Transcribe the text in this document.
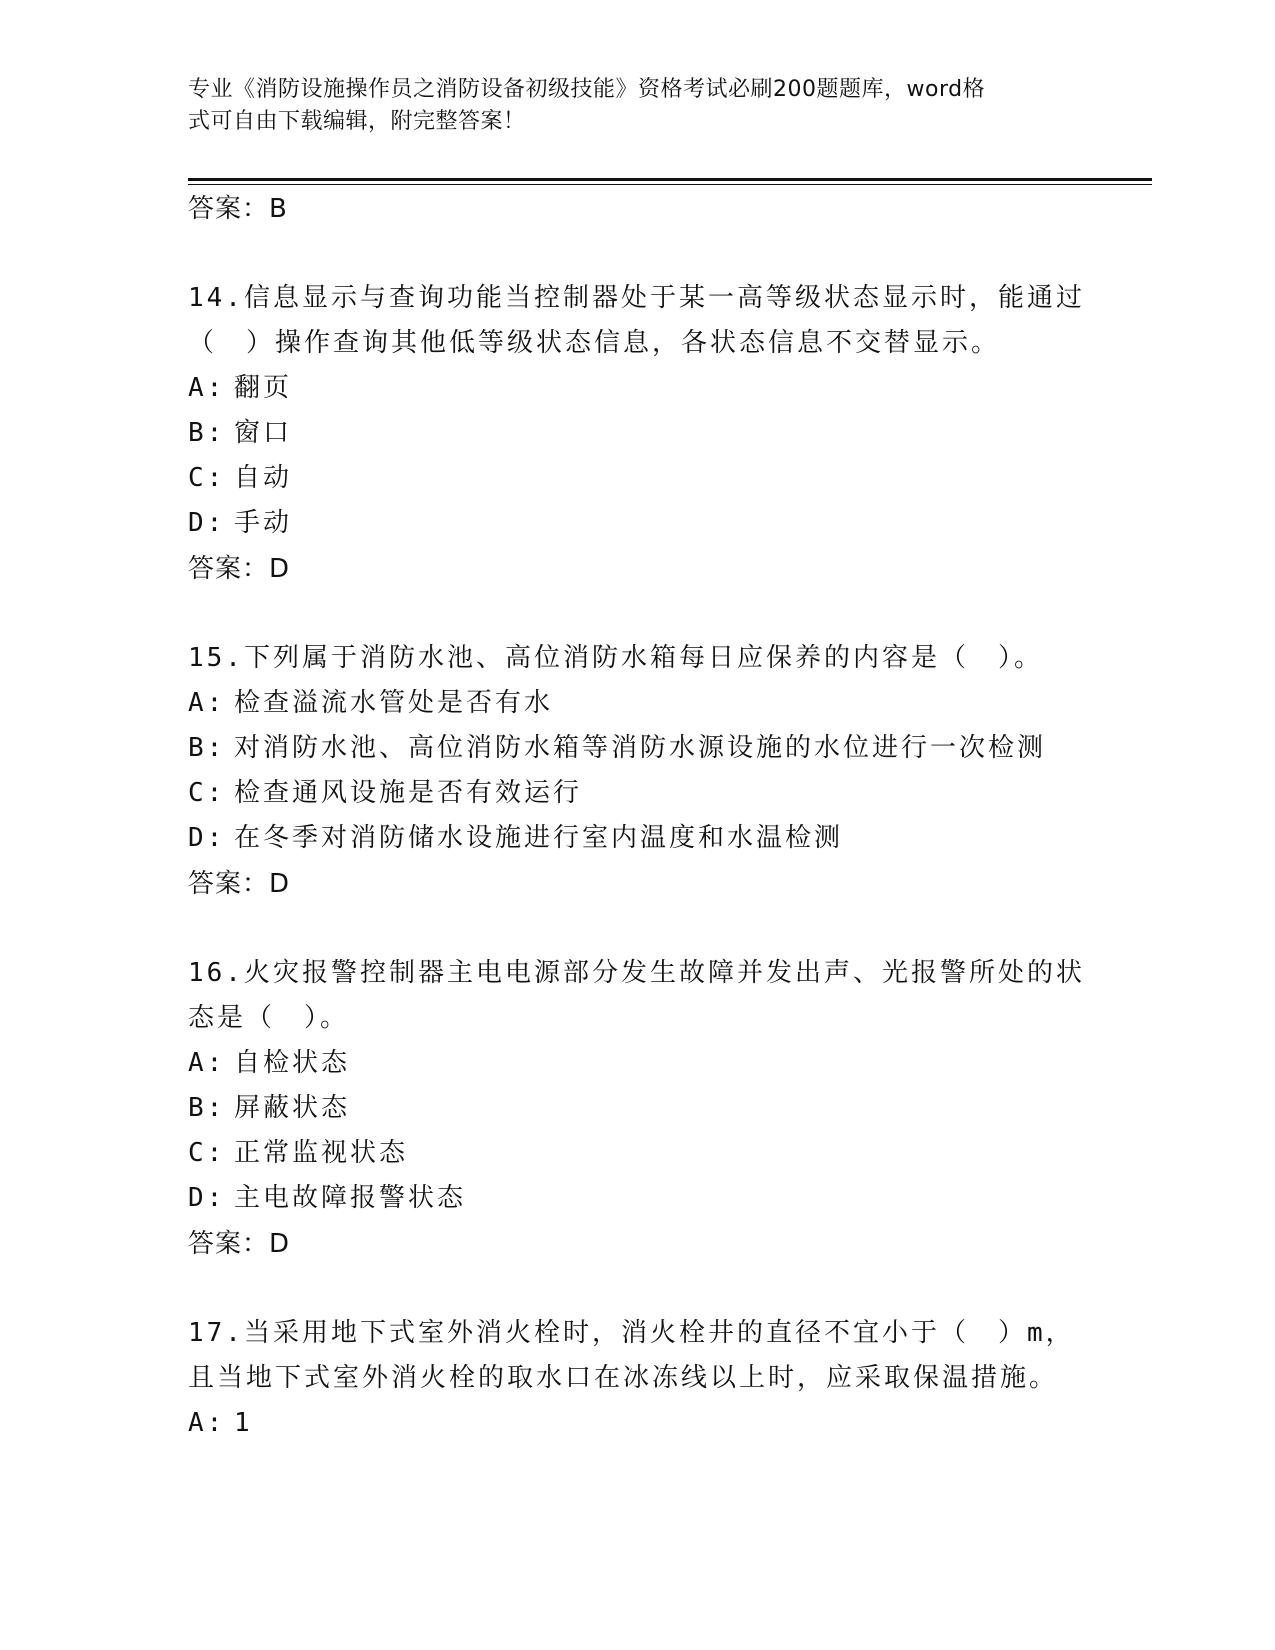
专业《消防设施操作员之消防设备初级技能》资格考试必刷200题题库，word格
式可自由下载编辑，附完整答案！
答案：B
14.信息显示与查询功能当控制器处于某一高等级状态显示时，能通过
（　）操作查询其他低等级状态信息，各状态信息不交替显示。
A: 翻页
B: 窗口
C: 自动
D: 手动
答案：D
15.下列属于消防水池、高位消防水箱每日应保养的内容是（　）。
A: 检查溢流水管处是否有水
B: 对消防水池、高位消防水箱等消防水源设施的水位进行一次检测
C: 检查通风设施是否有效运行
D: 在冬季对消防储水设施进行室内温度和水温检测
答案：D
16.火灾报警控制器主电电源部分发生故障并发出声、光报警所处的状
态是（　）。
A: 自检状态
B: 屏蔽状态
C: 正常监视状态
D: 主电故障报警状态
答案：D
17.当采用地下式室外消火栓时，消火栓井的直径不宜小于（　）m，
且当地下式室外消火栓的取水口在冰冻线以上时，应采取保温措施。
A: 1
